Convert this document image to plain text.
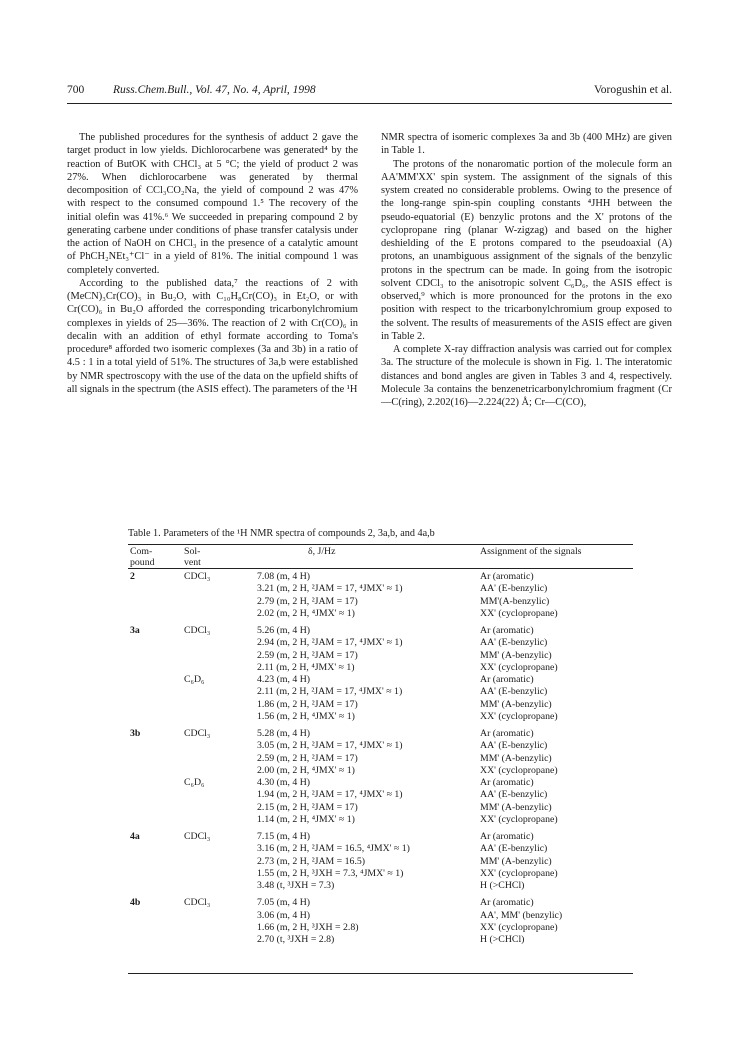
700	Russ.Chem.Bull., Vol. 47, No. 4, April, 1998	Vorogushin et al.

The published procedures for the synthesis of adduct 2 gave the target product in low yields. Dichlorocarbene was generated⁴ by the reaction of ButOK with CHCl₃ at 5 °C; the yield of product 2 was 27%. When dichlorocarbene was generated by thermal decomposition of CCl₃CO₂Na, the yield of compound 2 was 47% with respect to the consumed compound 1.⁵ The recovery of the initial olefin was 41%.⁶ We succeeded in preparing compound 2 by generating carbene under conditions of phase transfer catalysis under the action of NaOH on CHCl₃ in the presence of a catalytic amount of PhCH₂NEt₃⁺Cl⁻ in a yield of 81%. The initial compound 1 was completely converted.

According to the published data,⁷ the reactions of 2 with (MeCN)₃Cr(CO)₃ in Bu₂O, with C₁₀H₈Cr(CO)₃ in Et₂O, or with Cr(CO)₆ in Bu₂O afforded the corresponding tricarbonylchromium complexes in yields of 25—36%. The reaction of 2 with Cr(CO)₆ in decalin with an addition of ethyl formate according to Toma's procedure⁸ afforded two isomeric complexes (3a and 3b) in a ratio of 4.5 : 1 in a total yield of 51%. The structures of 3a,b were established by NMR spectroscopy with the use of the data on the upfield shifts of all signals in the spectrum (the ASIS effect). The parameters of the ¹H

NMR spectra of isomeric complexes 3a and 3b (400 MHz) are given in Table 1.

The protons of the nonaromatic portion of the molecule form an AA'MM'XX' spin system. The assignment of the signals of this system created no considerable problems. Owing to the presence of the long-range spin-spin coupling constants ⁴JHH between the pseudo-equatorial (E) benzylic protons and the X' protons of the cyclopropane ring (planar W-zigzag) and based on the higher deshielding of the E protons compared to the pseudoaxial (A) protons, an unambiguous assignment of the signals of the benzylic protons in the spectrum can be made. In going from the isotropic solvent CDCl₃ to the anisotropic solvent C₆D₆, the ASIS effect is observed,⁹ which is more pronounced for the protons in the exo position with respect to the tricarbonylchromium group exposed to the solvent. The results of measurements of the ASIS effect are given in Table 2.

A complete X-ray diffraction analysis was carried out for complex 3a. The structure of the molecule is shown in Fig. 1. The interatomic distances and bond angles are given in Tables 3 and 4, respectively. Molecule 3a contains the benzenetricarbonylchromium fragment (Cr—C(ring), 2.202(16)—2.224(22) Å; Cr—C(CO),

Table 1. Parameters of the ¹H NMR spectra of compounds 2, 3a,b, and 4a,b
Com-
pound
Sol-
vent
δ, J/Hz	Assignment of the signals
2	CDCl₃	7.08 (m, 4 H)	Ar (aromatic)
3.21 (m, 2 H, ²JAM = 17, ⁴JMX' ≈ 1)	AA' (E-benzylic)
2.79 (m, 2 H, ²JAM = 17)	MM'(A-benzylic)
2.02 (m, 2 H, ⁴JMX' ≈ 1)	XX' (cyclopropane)
3a	CDCl₃	5.26 (m, 4 H)	Ar (aromatic)
2.94 (m, 2 H, ²JAM = 17, ⁴JMX' ≈ 1)	AA' (E-benzylic)
2.59 (m, 2 H, ²JAM = 17)	MM' (A-benzylic)
2.11 (m, 2 H, ⁴JMX' ≈ 1)	XX' (cyclopropane)
C₆D₆	4.23 (m, 4 H)	Ar (aromatic)
2.11 (m, 2 H, ²JAM = 17, ⁴JMX' ≈ 1)	AA' (E-benzylic)
1.86 (m, 2 H, ²JAM = 17)	MM' (A-benzylic)
1.56 (m, 2 H, ⁴JMX' ≈ 1)	XX' (cyclopropane)
3b	CDCl₃	5.28 (m, 4 H)	Ar (aromatic)
3.05 (m, 2 H, ²JAM = 17, ⁴JMX' ≈ 1)	AA' (E-benzylic)
2.59 (m, 2 H, ²JAM = 17)	MM' (A-benzylic)
2.00 (m, 2 H, ⁴JMX' ≈ 1)	XX' (cyclopropane)
C₆D₆	4.30 (m, 4 H)	Ar (aromatic)
1.94 (m, 2 H, ²JAM = 17, ⁴JMX' ≈ 1)	AA' (E-benzylic)
2.15 (m, 2 H, ²JAM = 17)	MM' (A-benzylic)
1.14 (m, 2 H, ⁴JMX' ≈ 1)	XX' (cyclopropane)
4a	CDCl₃	7.15 (m, 4 H)	Ar (aromatic)
3.16 (m, 2 H, ²JAM = 16.5, ⁴JMX' ≈ 1)	AA' (E-benzylic)
2.73 (m, 2 H, ²JAM = 16.5)	MM' (A-benzylic)
1.55 (m, 2 H, ³JXH = 7.3, ⁴JMX' ≈ 1)	XX' (cyclopropane)
3.48 (t, ³JXH = 7.3)	H (>CHCl)
4b	CDCl₃	7.05 (m, 4 H)	Ar (aromatic)
3.06 (m, 4 H)	AA', MM' (benzylic)
1.66 (m, 2 H, ³JXH = 2.8)	XX' (cyclopropane)
2.70 (t, ³JXH = 2.8)	H (>CHCl)
